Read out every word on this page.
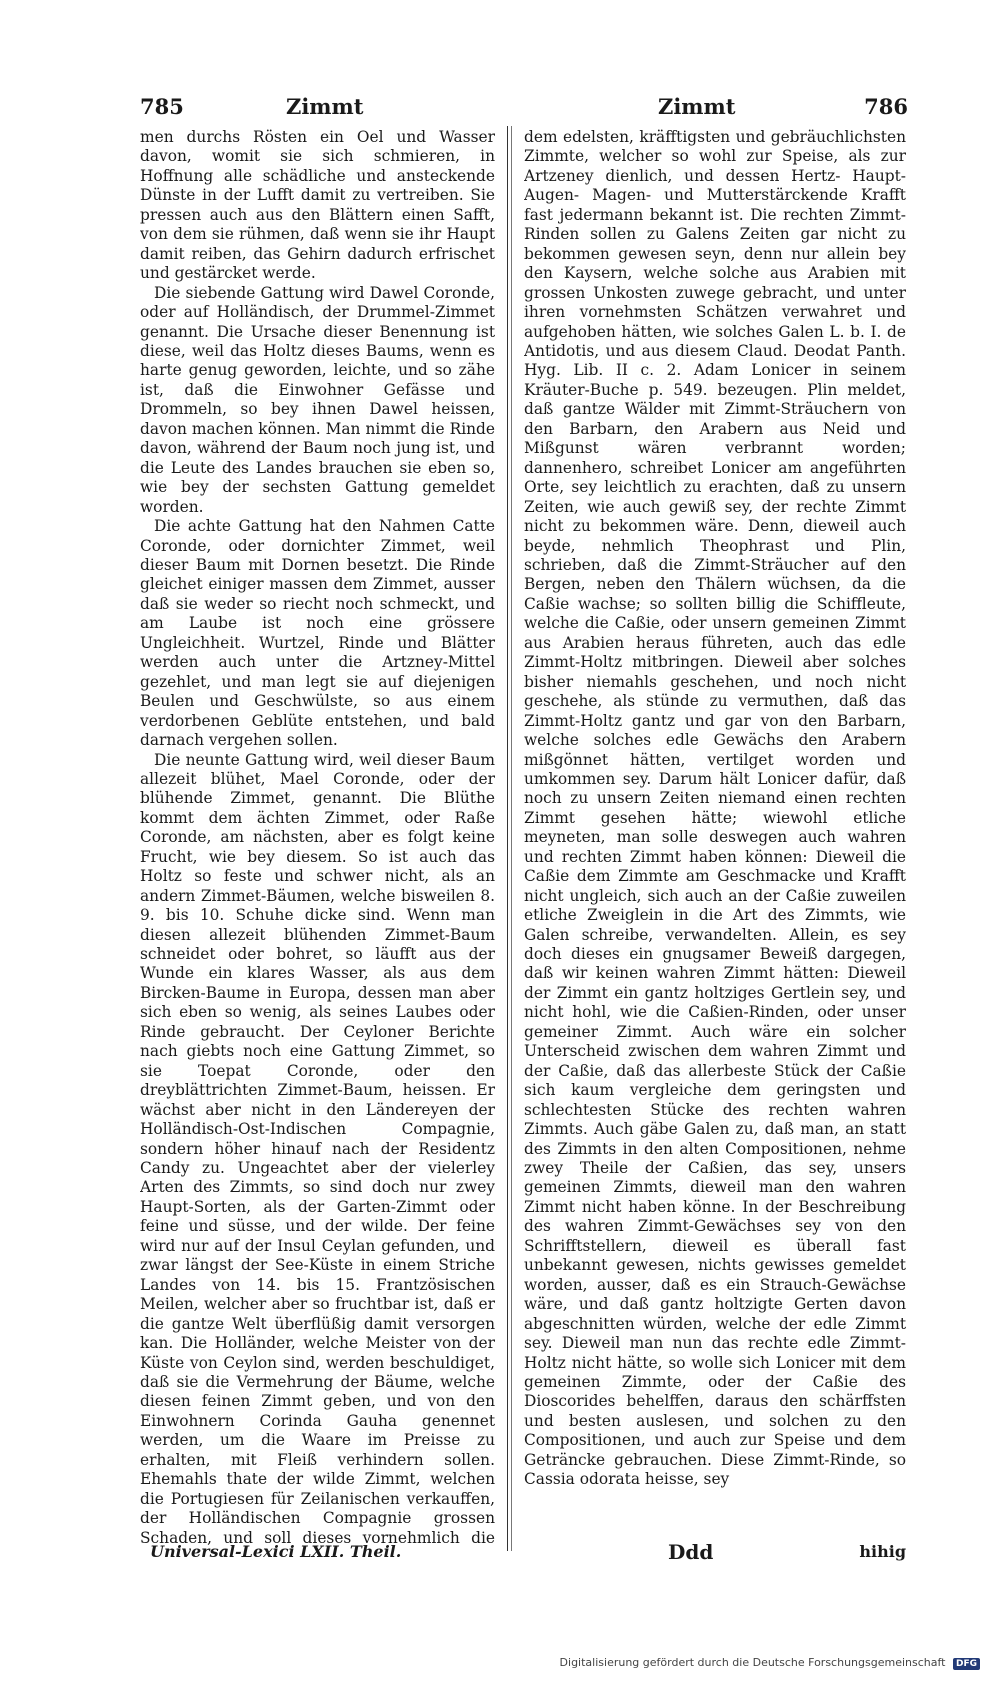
785	Zimmt	Zimmt	786

men durchs Rösten ein Oel und Wasser davon, womit sie sich schmieren, in Hoffnung alle schädliche und ansteckende Dünste in der Lufft damit zu vertreiben. Sie pressen auch aus den Blättern einen Safft, von dem sie rühmen, daß wenn sie ihr Haupt damit reiben, das Gehirn dadurch erfrischet und gestärcket werde.

Die siebende Gattung wird Dawel Coronde, oder auf Holländisch, der Drummel-Zimmet genannt. Die Ursache dieser Benennung ist diese, weil das Holtz dieses Baums, wenn es harte genug geworden, leichte, und so zähe ist, daß die Einwohner Gefässe und Drommeln, so bey ihnen Dawel heissen, davon machen können. Man nimmt die Rinde davon, während der Baum noch jung ist, und die Leute des Landes brauchen sie eben so, wie bey der sechsten Gattung gemeldet worden.

Die achte Gattung hat den Nahmen Catte Coronde, oder dornichter Zimmet, weil dieser Baum mit Dornen besetzt. Die Rinde gleichet einiger massen dem Zimmet, ausser daß sie weder so riecht noch schmeckt, und am Laube ist noch eine grössere Ungleichheit. Wurtzel, Rinde und Blätter werden auch unter die Artzney-Mittel gezehlet, und man legt sie auf diejenigen Beulen und Geschwülste, so aus einem verdorbenen Geblüte entstehen, und bald darnach vergehen sollen.

Die neunte Gattung wird, weil dieser Baum allezeit blühet, Mael Coronde, oder der blühende Zimmet, genannt. Die Blüthe kommt dem ächten Zimmet, oder Raße Coronde, am nächsten, aber es folgt keine Frucht, wie bey diesem. So ist auch das Holtz so feste und schwer nicht, als an andern Zimmet-Bäumen, welche bisweilen 8. 9. bis 10. Schuhe dicke sind. Wenn man diesen allezeit blühenden Zimmet-Baum schneidet oder bohret, so läufft aus der Wunde ein klares Wasser, als aus dem Bircken-Baume in Europa, dessen man aber sich eben so wenig, als seines Laubes oder Rinde gebraucht. Der Ceyloner Berichte nach giebts noch eine Gattung Zimmet, so sie Toepat Coronde, oder den dreyblättrichten Zimmet-Baum, heissen. Er wächst aber nicht in den Ländereyen der Holländisch-Ost-Indischen Compagnie, sondern höher hinauf nach der Residentz Candy zu. Ungeachtet aber der vielerley Arten des Zimmts, so sind doch nur zwey Haupt-Sorten, als der Garten-Zimmt oder feine und süsse, und der wilde. Der feine wird nur auf der Insul Ceylan gefunden, und zwar längst der See-Küste in einem Striche Landes von 14. bis 15. Frantzösischen Meilen, welcher aber so fruchtbar ist, daß er die gantze Welt überflüßig damit versorgen kan. Die Holländer, welche Meister von der Küste von Ceylon sind, werden beschuldiget, daß sie die Vermehrung der Bäume, welche diesen feinen Zimmt geben, und von den Einwohnern Corinda Gauha genennet werden, um die Waare im Preisse zu erhalten, mit Fleiß verhindern sollen. Ehemahls thate der wilde Zimmt, welchen die Portugiesen für Zeilanischen verkauffen, der Holländischen Compagnie grossen Schaden, und soll dieses vornehmlich die

dem edelsten, kräfftigsten und gebräuchlichsten Zimmte, welcher so wohl zur Speise, als zur Artzeney dienlich, und dessen Hertz- Haupt- Augen- Magen- und Mutterstärckende Krafft fast jedermann bekannt ist. Die rechten Zimmt-Rinden sollen zu Galens Zeiten gar nicht zu bekommen gewesen seyn, denn nur allein bey den Kaysern, welche solche aus Arabien mit grossen Unkosten zuwege gebracht, und unter ihren vornehmsten Schätzen verwahret und aufgehoben hätten, wie solches Galen L. b. I. de Antidotis, und aus diesem Claud. Deodat Panth. Hyg. Lib. II c. 2. Adam Lonicer in seinem Kräuter-Buche p. 549. bezeugen. Plin meldet, daß gantze Wälder mit Zimmt-Sträuchern von den Barbarn, den Arabern aus Neid und Mißgunst wären verbrannt worden; dannenhero, schreibet Lonicer am angeführten Orte, sey leichtlich zu erachten, daß zu unsern Zeiten, wie auch gewiß sey, der rechte Zimmt nicht zu bekommen wäre. Denn, dieweil auch beyde, nehmlich Theophrast und Plin, schrieben, daß die Zimmt-Sträucher auf den Bergen, neben den Thälern wüchsen, da die Caßie wachse; so sollten billig die Schiffleute, welche die Caßie, oder unsern gemeinen Zimmt aus Arabien heraus führeten, auch das edle Zimmt-Holtz mitbringen. Dieweil aber solches bisher niemahls geschehen, und noch nicht geschehe, als stünde zu vermuthen, daß das Zimmt-Holtz gantz und gar von den Barbarn, welche solches edle Gewächs den Arabern mißgönnet hätten, vertilget worden und umkommen sey. Darum hält Lonicer dafür, daß noch zu unsern Zeiten niemand einen rechten Zimmt gesehen hätte; wiewohl etliche meyneten, man solle deswegen auch wahren und rechten Zimmt haben können: Dieweil die Caßie dem Zimmte am Geschmacke und Krafft nicht ungleich, sich auch an der Caßie zuweilen etliche Zweiglein in die Art des Zimmts, wie Galen schreibe, verwandelten. Allein, es sey doch dieses ein gnugsamer Beweiß dargegen, daß wir keinen wahren Zimmt hätten: Dieweil der Zimmt ein gantz holtziges Gertlein sey, und nicht hohl, wie die Caßien-Rinden, oder unser gemeiner Zimmt. Auch wäre ein solcher Unterscheid zwischen dem wahren Zimmt und der Caßie, daß das allerbeste Stück der Caßie sich kaum vergleiche dem geringsten und schlechtesten Stücke des rechten wahren Zimmts. Auch gäbe Galen zu, daß man, an statt des Zimmts in den alten Compositionen, nehme zwey Theile der Caßien, das sey, unsers gemeinen Zimmts, dieweil man den wahren Zimmt nicht haben könne. In der Beschreibung des wahren Zimmt-Gewächses sey von den Schrifftstellern, dieweil es überall fast unbekannt gewesen, nichts gewisses gemeldet worden, ausser, daß es ein Strauch-Gewächse wäre, und daß gantz holtzigte Gerten davon abgeschnitten würden, welche der edle Zimmt sey. Dieweil man nun das rechte edle Zimmt-Holtz nicht hätte, so wolle sich Lonicer mit dem gemeinen Zimmte, oder der Caßie des Dioscorides behelffen, daraus den schärffsten und besten auslesen, und solchen zu den Compositionen, und auch zur Speise und dem Geträncke gebrauchen. Diese Zimmt-Rinde, so Cassia odorata heisse, sey

Universal-Lexici LXII. Theil.	Ddd	hihig
Digitalisierung gefördert durch die Deutsche Forschungsgemeinschaft DFG
